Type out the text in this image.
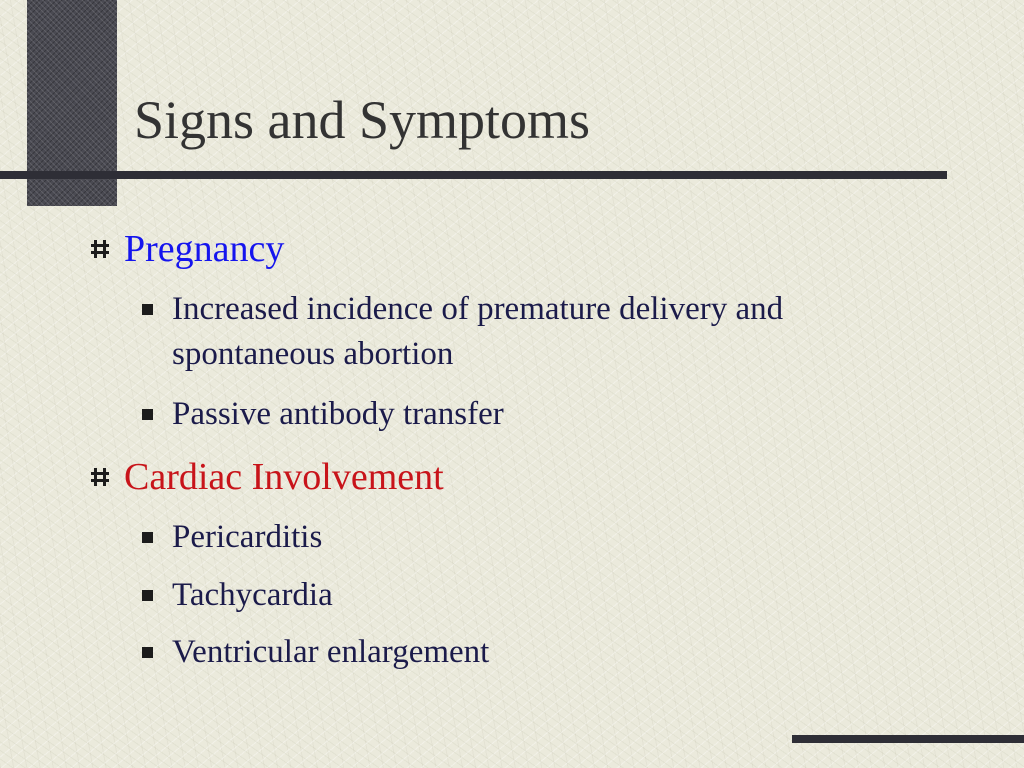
Signs and Symptoms
Pregnancy
Increased incidence of premature delivery and spontaneous abortion
Passive antibody transfer
Cardiac Involvement
Pericarditis
Tachycardia
Ventricular enlargement
